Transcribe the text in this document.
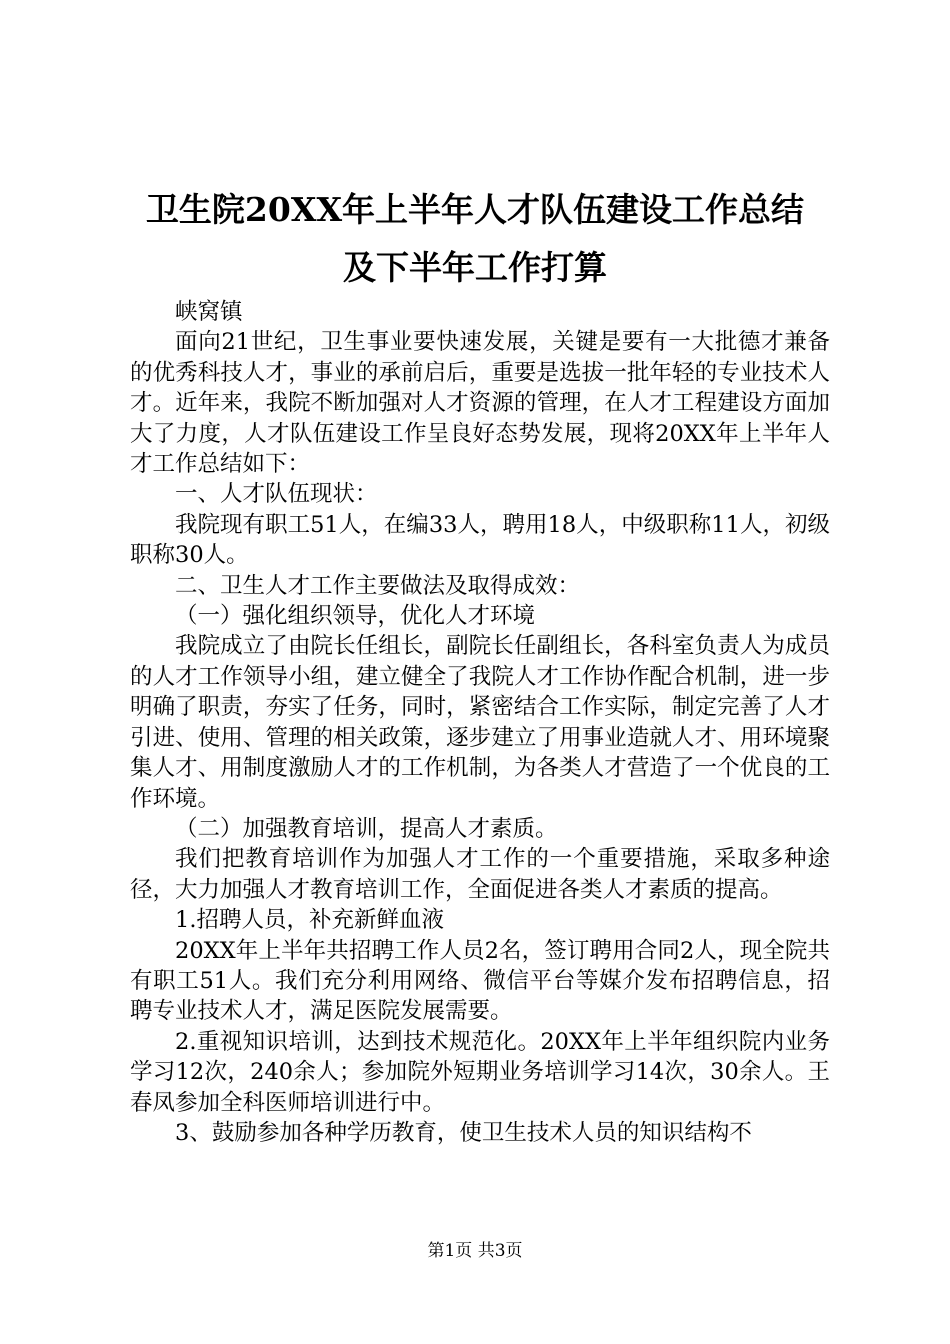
卫生院20XX年上半年人才队伍建设工作总结
及下半年工作打算

峡窝镇

面向21世纪，卫生事业要快速发展，关键是要有一大批德才兼备的优秀科技人才，事业的承前启后，重要是选拔一批年轻的专业技术人才。近年来，我院不断加强对人才资源的管理，在人才工程建设方面加大了力度，人才队伍建设工作呈良好态势发展，现将20XX年上半年人才工作总结如下：

一、人才队伍现状：

我院现有职工51人，在编33人，聘用18人，中级职称11人，初级职称30人。

二、卫生人才工作主要做法及取得成效：

（一）强化组织领导，优化人才环境

我院成立了由院长任组长，副院长任副组长，各科室负责人为成员的人才工作领导小组，建立健全了我院人才工作协作配合机制，进一步明确了职责，夯实了任务，同时，紧密结合工作实际，制定完善了人才引进、使用、管理的相关政策，逐步建立了用事业造就人才、用环境聚集人才、用制度激励人才的工作机制，为各类人才营造了一个优良的工作环境。

（二）加强教育培训，提高人才素质。

我们把教育培训作为加强人才工作的一个重要措施，采取多种途径，大力加强人才教育培训工作，全面促进各类人才素质的提高。

1.招聘人员，补充新鲜血液

20XX年上半年共招聘工作人员2名，签订聘用合同2人，现全院共有职工51人。我们充分利用网络、微信平台等媒介发布招聘信息，招聘专业技术人才，满足医院发展需要。

2.重视知识培训，达到技术规范化。20XX年上半年组织院内业务学习12次，240余人；参加院外短期业务培训学习14次，30余人。王春凤参加全科医师培训进行中。

3、鼓励参加各种学历教育，使卫生技术人员的知识结构不

第1页 共3页
